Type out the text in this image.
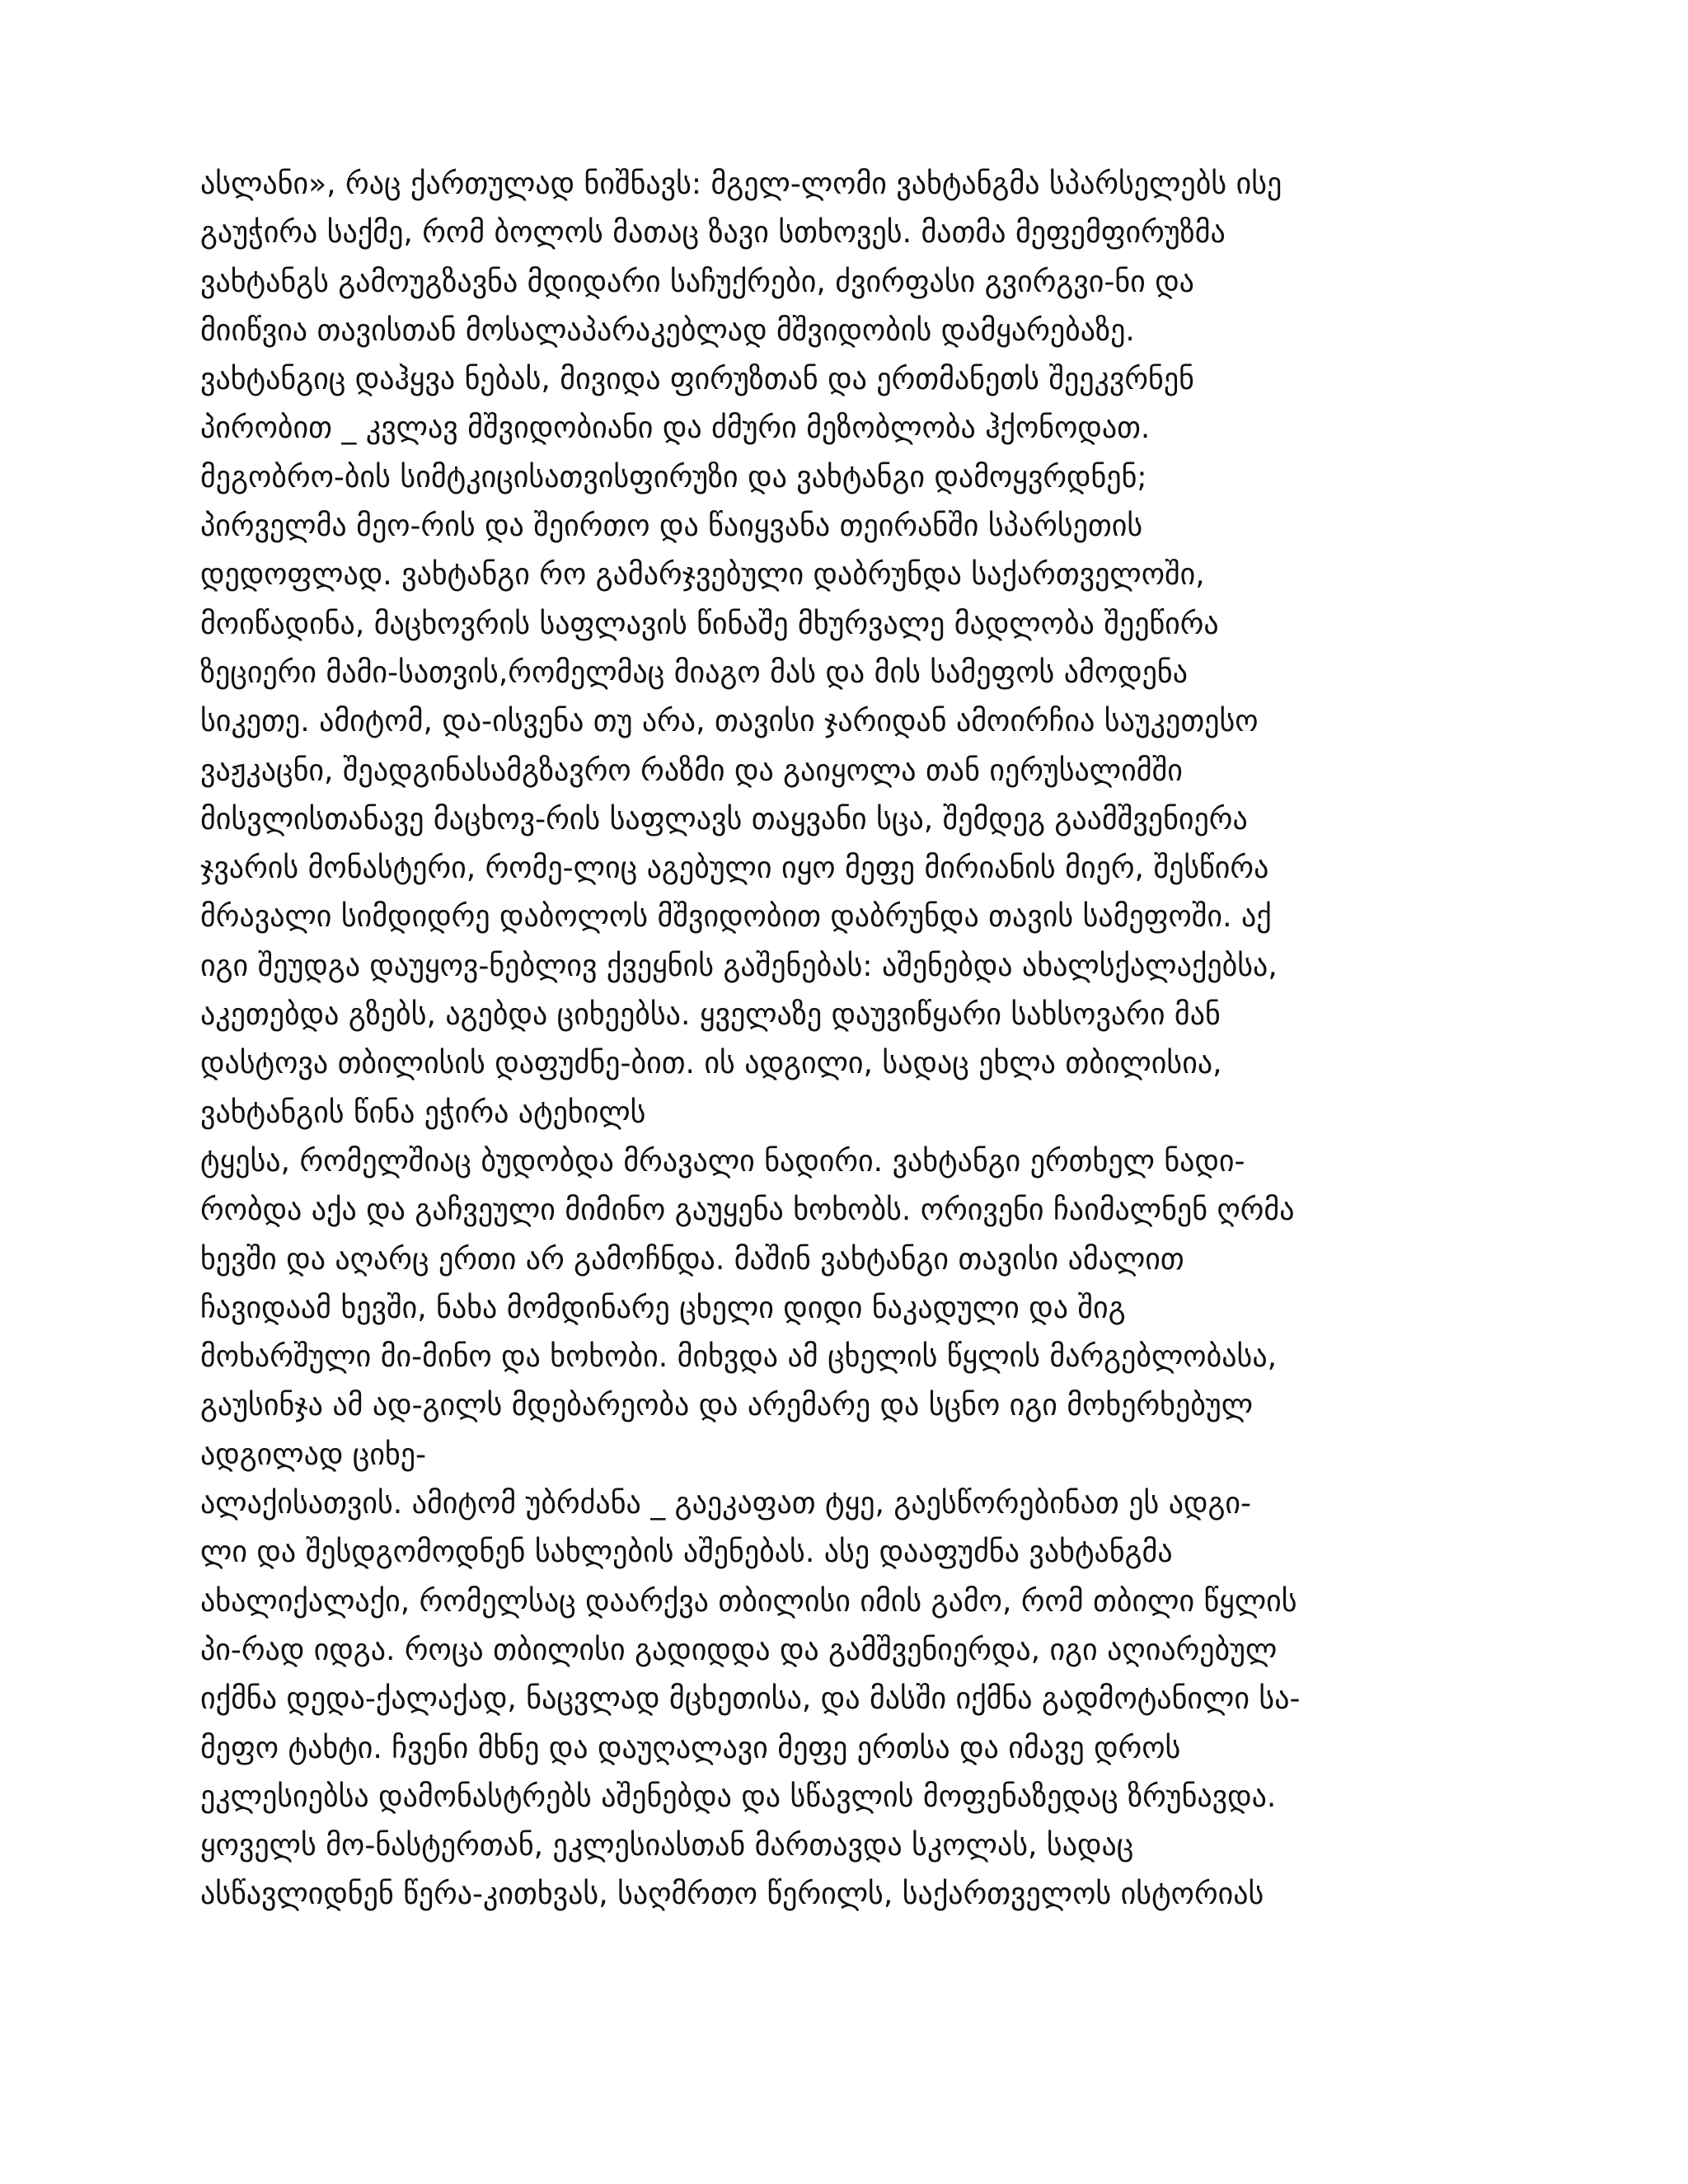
ასლანი», რაც ქართულად ნიშნავს: მგელ-ლომი ვახტანგმა სპარსელებს ისე
გაუჭირა საქმე, რომ ბოლოს მათაც ზავი სთხოვეს. მათმა მეფემფირუზმა
ვახტანგს გამოუგზავნა მდიდარი საჩუქრები, ძვირფასი გვირგვი-ნი და
მიიწვია თავისთან მოსალაპარაკებლად მშვიდობის დამყარებაზე.
ვახტანგიც დაჰყვა ნებას, მივიდა ფირუზთან და ერთმანეთს შეეკვრნენ
პირობით _ კვლავ მშვიდობიანი და ძმური მეზობლობა ჰქონოდათ.
მეგობრო-ბის სიმტკიცისათვისფირუზი და ვახტანგი დამოყვრდნენ;
პირველმა მეო-რის და შეირთო და წაიყვანა თეირანში სპარსეთის
დედოფლად. ვახტანგი რო გამარჯვებული დაბრუნდა საქართველოში,
მოიწადინა, მაცხოვრის საფლავის წინაშე მხურვალე მადლობა შეეწირა
ზეციერი მამი-სათვის,რომელმაც მიაგო მას და მის სამეფოს ამოდენა
სიკეთე. ამიტომ, და-ისვენა თუ არა, თავისი ჯარიდან ამოირჩია საუკეთესო
ვაჟკაცნი, შეადგინასამგზავრო რაზმი და გაიყოლა თან იერუსალიმში
მისვლისთანავე მაცხოვ-რის საფლავს თაყვანი სცა, შემდეგ გაამშვენიერა
ჯვარის მონასტერი, რომე-ლიც აგებული იყო მეფე მირიანის მიერ, შესწირა
მრავალი სიმდიდრე დაბოლოს მშვიდობით დაბრუნდა თავის სამეფოში. აქ
იგი შეუდგა დაუყოვ-ნებლივ ქვეყნის გაშენებას: აშენებდა ახალსქალაქებსა,
აკეთებდა გზებს, აგებდა ციხეებსა. ყველაზე დაუვიწყარი სახსოვარი მან
დასტოვა თბილისის დაფუძნე-ბით. ის ადგილი, სადაც ეხლა თბილისია,
ვახტანგის წინა ეჭირა ატეხილს
ტყესა, რომელშიაც ბუდობდა მრავალი ნადირი. ვახტანგი ერთხელ ნადი-
რობდა აქა და გაჩვეული მიმინო გაუყენა ხოხობს. ორივენი ჩაიმალნენ ღრმა
ხევში და აღარც ერთი არ გამოჩნდა. მაშინ ვახტანგი თავისი ამალით
ჩავიდაამ ხევში, ნახა მომდინარე ცხელი დიდი ნაკადული და შიგ
მოხარშული მი-მინო და ხოხობი. მიხვდა ამ ცხელის წყლის მარგებლობასა,
გაუსინჯა ამ ად-გილს მდებარეობა და არემარე და სცნო იგი მოხერხებულ
ადგილად ციხე-
ალაქისათვის. ამიტომ უბრძანა _ გაეკაფათ ტყე, გაესწორებინათ ეს ადგი-
ლი და შესდგომოდნენ სახლების აშენებას. ასე დააფუძნა ვახტანგმა
ახალიქალაქი, რომელსაც დაარქვა თბილისი იმის გამო, რომ თბილი წყლის
პი-რად იდგა. როცა თბილისი გადიდდა და გამშვენიერდა, იგი აღიარებულ
იქმნა დედა-ქალაქად, ნაცვლად მცხეთისა, და მასში იქმნა გადმოტანილი სა-
მეფო ტახტი. ჩვენი მხნე და დაუღალავი მეფე ერთსა და იმავე დროს
ეკლესიებსა დამონასტრებს აშენებდა და სწავლის მოფენაზედაც ზრუნავდა.
ყოველს მო-ნასტერთან, ეკლესიასთან მართავდა სკოლას, სადაც
ასწავლიდნენ წერა-კითხვას, საღმრთო წერილს, საქართველოს ისტორიას
